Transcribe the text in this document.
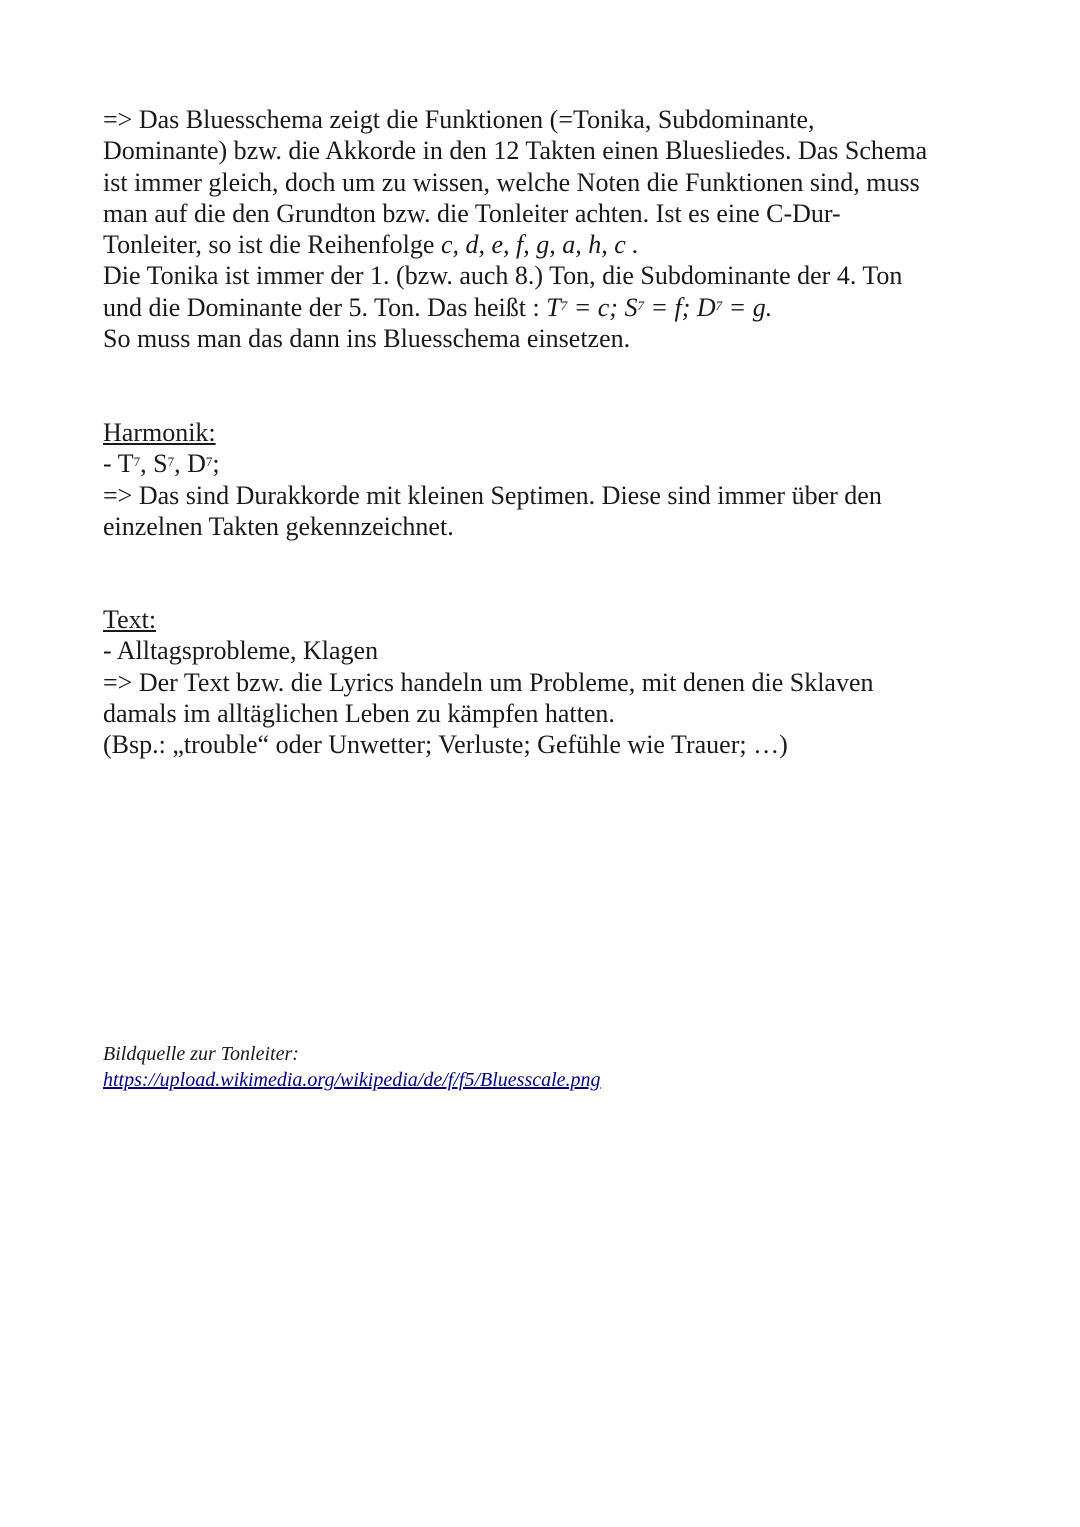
=> Das Bluesschema zeigt die Funktionen (=Tonika, Subdominante,
Dominante) bzw. die Akkorde in den 12 Takten einen Bluesliedes. Das Schema
ist immer gleich, doch um zu wissen, welche Noten die Funktionen sind, muss
man auf die den Grundton bzw. die Tonleiter achten. Ist es eine C-Dur-
Tonleiter, so ist die Reihenfolge c, d, e, f, g, a, h, c .
Die Tonika ist immer der 1. (bzw. auch 8.) Ton, die Subdominante der 4. Ton
und die Dominante der 5. Ton. Das heißt : $T^7 = c$; $S^7 = f$; $D^7 = g$.
So muss man das dann ins Bluesschema einsetzen.
Harmonik:
- $T^7$, $S^7$, $D^7$;
=> Das sind Durakkorde mit kleinen Septimen. Diese sind immer über den
einzelnen Takten gekennzeichnet.
Text:
- Alltagsprobleme, Klagen
=> Der Text bzw. die Lyrics handeln um Probleme, mit denen die Sklaven
damals im alltäglichen Leben zu kämpfen hatten.
(Bsp.: „trouble“ oder Unwetter; Verluste; Gefühle wie Trauer; …)
Bildquelle zur Tonleiter:
https://upload.wikimedia.org/wikipedia/de/f/f5/Bluesscale.png
